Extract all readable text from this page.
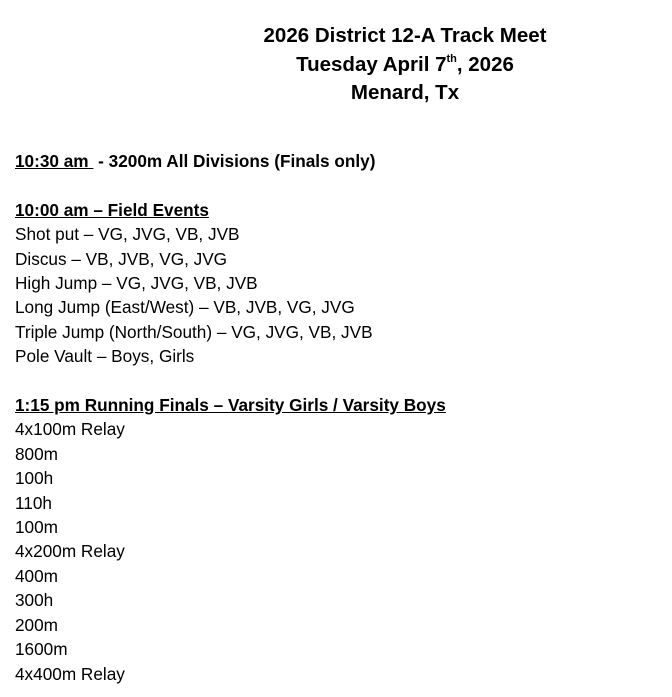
2026 District 12-A Track Meet
Tuesday April 7th, 2026
Menard, Tx
10:30 am - 3200m All Divisions (Finals only)
10:00 am – Field Events
Shot put – VG, JVG, VB, JVB
Discus – VB, JVB, VG, JVG
High Jump – VG, JVG, VB, JVB
Long Jump (East/West) – VB, JVB, VG, JVG
Triple Jump (North/South) – VG, JVG, VB, JVB
Pole Vault – Boys, Girls
1:15 pm Running Finals – Varsity Girls / Varsity Boys
4x100m Relay
800m
100h
110h
100m
4x200m Relay
400m
300h
200m
1600m
4x400m Relay
